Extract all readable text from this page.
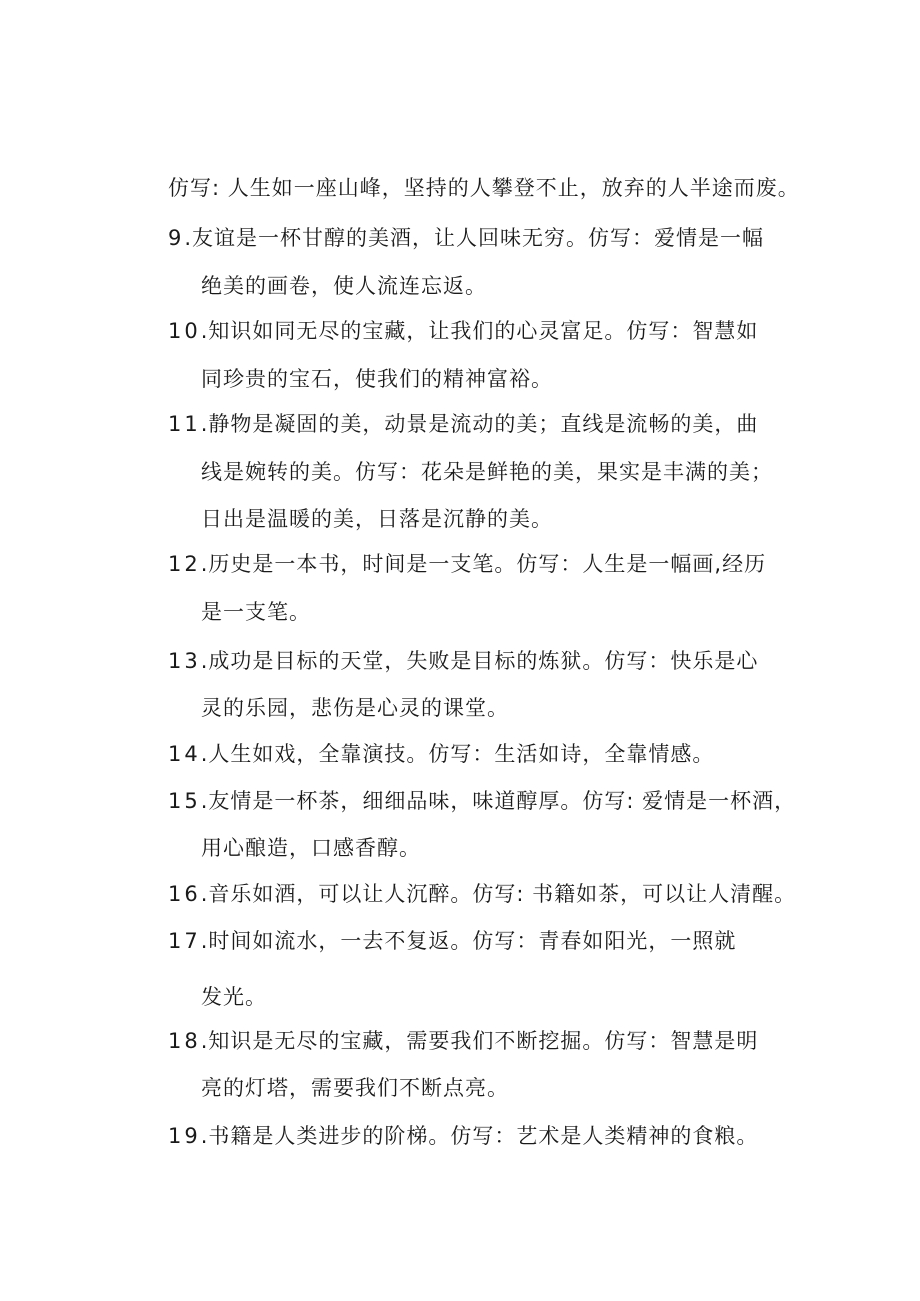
仿写: 人生如一座山峰，坚持的人攀登不止，放弃的人半途而废。
9.友谊是一杯甘醇的美酒，让人回味无穷。仿写：爱情是一幅
绝美的画卷，使人流连忘返。
10.知识如同无尽的宝藏，让我们的心灵富足。仿写：智慧如
同珍贵的宝石，使我们的精神富裕。
11.静物是凝固的美，动景是流动的美；直线是流畅的美，曲
线是婉转的美。仿写：花朵是鲜艳的美，果实是丰满的美；
日出是温暖的美，日落是沉静的美。
12.历史是一本书，时间是一支笔。仿写：人生是一幅画,经历
是一支笔。
13.成功是目标的天堂，失败是目标的炼狱。仿写：快乐是心
灵的乐园，悲伤是心灵的课堂。
14.人生如戏，全靠演技。仿写：生活如诗，全靠情感。
15.友情是一杯茶，细细品味，味道醇厚。仿写: 爱情是一杯酒，
用心酿造，口感香醇。
16.音乐如酒，可以让人沉醉。仿写: 书籍如茶，可以让人清醒。
17.时间如流水，一去不复返。仿写：青春如阳光，一照就
发光。
18.知识是无尽的宝藏，需要我们不断挖掘。仿写：智慧是明
亮的灯塔，需要我们不断点亮。
19.书籍是人类进步的阶梯。仿写：艺术是人类精神的食粮。
